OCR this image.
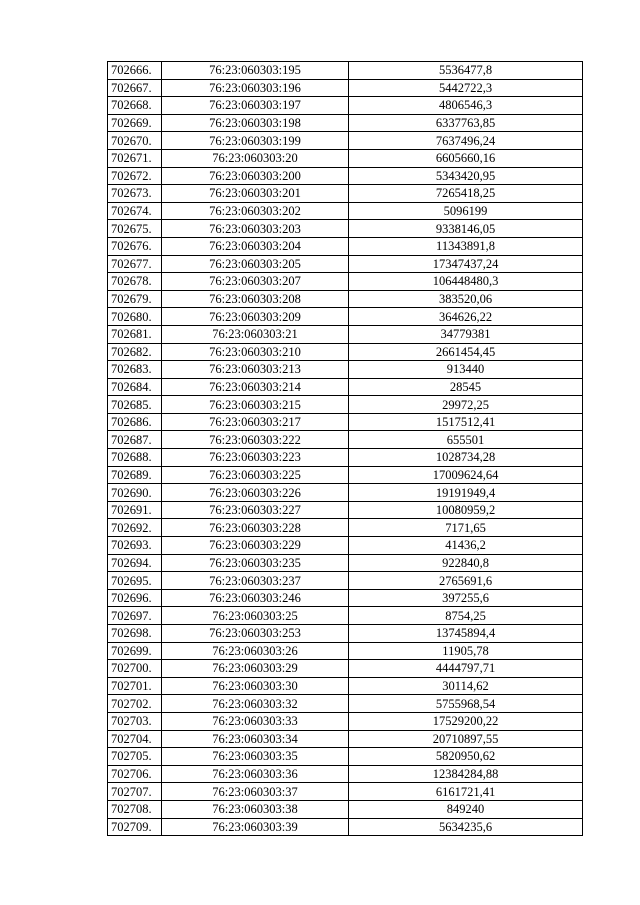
702666.	76:23:060303:195	5536477,8
702667.	76:23:060303:196	5442722,3
702668.	76:23:060303:197	4806546,3
702669.	76:23:060303:198	6337763,85
702670.	76:23:060303:199	7637496,24
702671.	76:23:060303:20	6605660,16
702672.	76:23:060303:200	5343420,95
702673.	76:23:060303:201	7265418,25
702674.	76:23:060303:202	5096199
702675.	76:23:060303:203	9338146,05
702676.	76:23:060303:204	11343891,8
702677.	76:23:060303:205	17347437,24
702678.	76:23:060303:207	106448480,3
702679.	76:23:060303:208	383520,06
702680.	76:23:060303:209	364626,22
702681.	76:23:060303:21	34779381
702682.	76:23:060303:210	2661454,45
702683.	76:23:060303:213	913440
702684.	76:23:060303:214	28545
702685.	76:23:060303:215	29972,25
702686.	76:23:060303:217	1517512,41
702687.	76:23:060303:222	655501
702688.	76:23:060303:223	1028734,28
702689.	76:23:060303:225	17009624,64
702690.	76:23:060303:226	19191949,4
702691.	76:23:060303:227	10080959,2
702692.	76:23:060303:228	7171,65
702693.	76:23:060303:229	41436,2
702694.	76:23:060303:235	922840,8
702695.	76:23:060303:237	2765691,6
702696.	76:23:060303:246	397255,6
702697.	76:23:060303:25	8754,25
702698.	76:23:060303:253	13745894,4
702699.	76:23:060303:26	11905,78
702700.	76:23:060303:29	4444797,71
702701.	76:23:060303:30	30114,62
702702.	76:23:060303:32	5755968,54
702703.	76:23:060303:33	17529200,22
702704.	76:23:060303:34	20710897,55
702705.	76:23:060303:35	5820950,62
702706.	76:23:060303:36	12384284,88
702707.	76:23:060303:37	6161721,41
702708.	76:23:060303:38	849240
702709.	76:23:060303:39	5634235,6
